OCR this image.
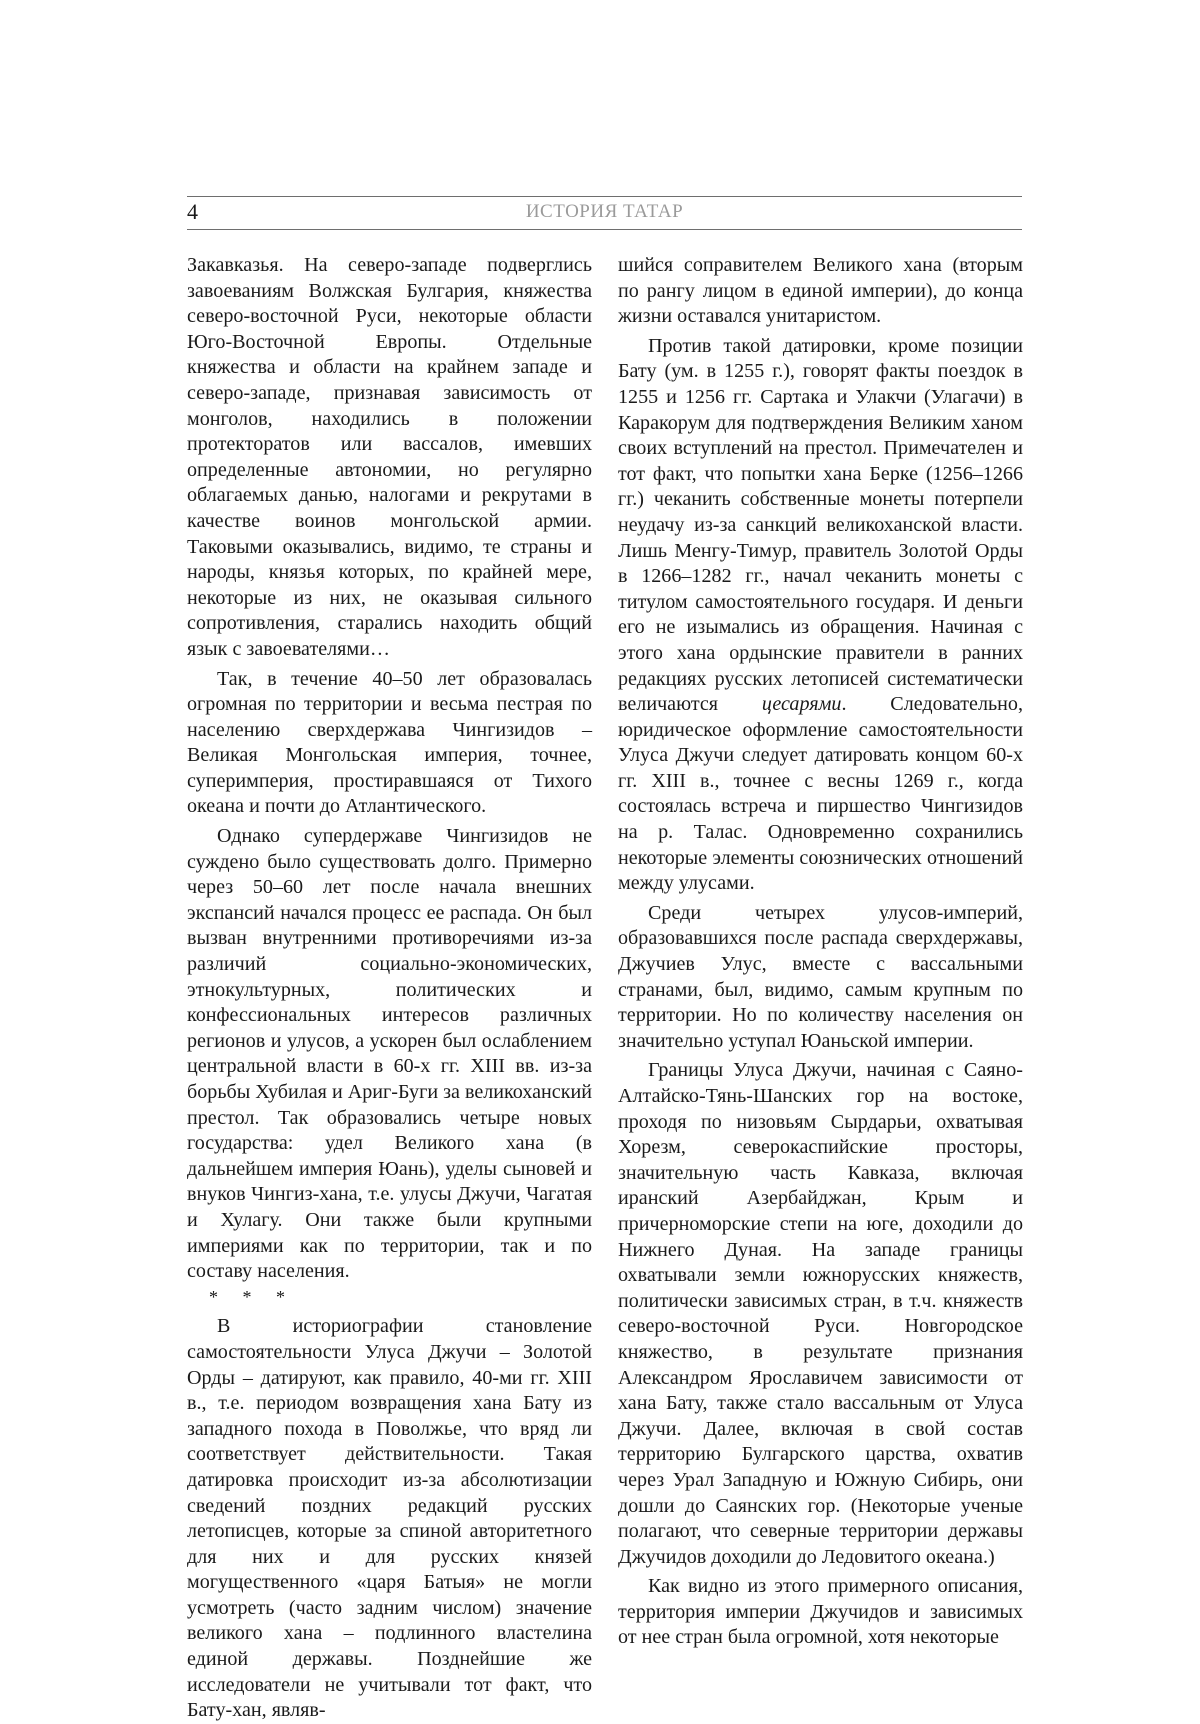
4	ИСТОРИЯ ТАТАР

Закавказья. На северо-западе подверглись завоеваниям Волжская Булгария, княжества северо-восточной Руси, некоторые области Юго-Восточной Европы. Отдельные княжества и области на крайнем западе и северо-западе, признавая зависимость от монголов, находились в положении протекторатов или вассалов, имевших определенные автономии, но регулярно облагаемых данью, налогами и рекрутами в качестве воинов монгольской армии. Таковыми оказывались, видимо, те страны и народы, князья которых, по крайней мере, некоторые из них, не оказывая сильного сопротивления, старались находить общий язык с завоевателями…

Так, в течение 40–50 лет образовалась огромная по территории и весьма пестрая по населению сверхдержава Чингизидов – Великая Монгольская империя, точнее, суперимперия, простиравшаяся от Тихого океана и почти до Атлантического.

Однако супердержаве Чингизидов не суждено было существовать долго. Примерно через 50–60 лет после начала внешних экспансий начался процесс ее распада. Он был вызван внутренними противоречиями из-за различий социально-экономических, этнокультурных, политических и конфессиональных интересов различных регионов и улусов, а ускорен был ослаблением центральной власти в 60-х гг. XIII вв. из-за борьбы Хубилая и Ариг-Буги за великоханский престол. Так образовались четыре новых государства: удел Великого хана (в дальнейшем империя Юань), уделы сыновей и внуков Чингиз-хана, т.е. улусы Джучи, Чагатая и Хулагу. Они также были крупными империями как по территории, так и по составу населения.

* * *

В историографии становление самостоятельности Улуса Джучи – Золотой Орды – датируют, как правило, 40-ми гг. XIII в., т.е. периодом возвращения хана Бату из западного похода в Поволжье, что вряд ли соответствует действительности. Такая датировка происходит из-за абсолютизации сведений поздних редакций русских летописцев, которые за спиной авторитетного для них и для русских князей могущественного «царя Батыя» не могли усмотреть (часто задним числом) значение великого хана – подлинного властелина единой державы. Позднейшие же исследователи не учитывали тот факт, что Бату-хан, являв-

шийся соправителем Великого хана (вторым по рангу лицом в единой империи), до конца жизни оставался унитаристом.

Против такой датировки, кроме позиции Бату (ум. в 1255 г.), говорят факты поездок в 1255 и 1256 гг. Сартака и Улакчи (Улагачи) в Каракорум для подтверждения Великим ханом своих вступлений на престол. Примечателен и тот факт, что попытки хана Берке (1256–1266 гг.) чеканить собственные монеты потерпели неудачу из-за санкций великоханской власти. Лишь Менгу-Тимур, правитель Золотой Орды в 1266–1282 гг., начал чеканить монеты с титулом самостоятельного государя. И деньги его не изымались из обращения. Начиная с этого хана ордынские правители в ранних редакциях русских летописей систематически величаются цесарями. Следовательно, юридическое оформление самостоятельности Улуса Джучи следует датировать концом 60-х гг. XIII в., точнее с весны 1269 г., когда состоялась встреча и пиршество Чингизидов на р. Талас. Одновременно сохранились некоторые элементы союзнических отношений между улусами.

Среди четырех улусов-империй, образовавшихся после распада сверхдержавы, Джучиев Улус, вместе с вассальными странами, был, видимо, самым крупным по территории. Но по количеству населения он значительно уступал Юаньской империи.

Границы Улуса Джучи, начиная с Саяно-Алтайско-Тянь-Шанских гор на востоке, проходя по низовьям Сырдарьи, охватывая Хорезм, северокаспийские просторы, значительную часть Кавказа, включая иранский Азербайджан, Крым и причерноморские степи на юге, доходили до Нижнего Дуная. На западе границы охватывали земли южнорусских княжеств, политически зависимых стран, в т.ч. княжеств северо-восточной Руси. Новгородское княжество, в результате признания Александром Ярославичем зависимости от хана Бату, также стало вассальным от Улуса Джучи. Далее, включая в свой состав территорию Булгарского царства, охватив через Урал Западную и Южную Сибирь, они дошли до Саянских гор. (Некоторые ученые полагают, что северные территории державы Джучидов доходили до Ледовитого океана.)

Как видно из этого примерного описания, территория империи Джучидов и зависимых от нее стран была огромной, хотя некоторые
